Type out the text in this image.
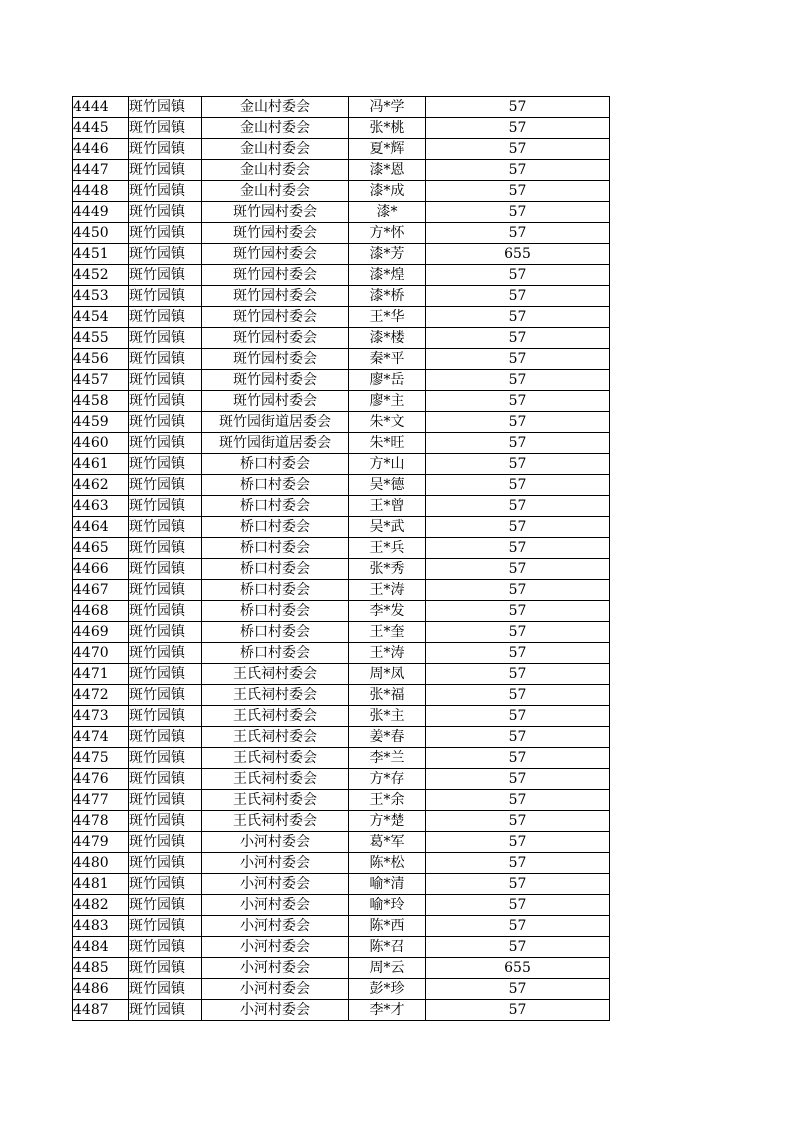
4444	斑竹园镇	金山村委会	冯*学	57
4445	斑竹园镇	金山村委会	张*桃	57
4446	斑竹园镇	金山村委会	夏*辉	57
4447	斑竹园镇	金山村委会	漆*恩	57
4448	斑竹园镇	金山村委会	漆*成	57
4449	斑竹园镇	斑竹园村委会	漆*	57
4450	斑竹园镇	斑竹园村委会	方*怀	57
4451	斑竹园镇	斑竹园村委会	漆*芳	655
4452	斑竹园镇	斑竹园村委会	漆*煌	57
4453	斑竹园镇	斑竹园村委会	漆*桥	57
4454	斑竹园镇	斑竹园村委会	王*华	57
4455	斑竹园镇	斑竹园村委会	漆*楼	57
4456	斑竹园镇	斑竹园村委会	秦*平	57
4457	斑竹园镇	斑竹园村委会	廖*岳	57
4458	斑竹园镇	斑竹园村委会	廖*主	57
4459	斑竹园镇	斑竹园街道居委会	朱*文	57
4460	斑竹园镇	斑竹园街道居委会	朱*旺	57
4461	斑竹园镇	桥口村委会	方*山	57
4462	斑竹园镇	桥口村委会	吴*德	57
4463	斑竹园镇	桥口村委会	王*曾	57
4464	斑竹园镇	桥口村委会	吴*武	57
4465	斑竹园镇	桥口村委会	王*兵	57
4466	斑竹园镇	桥口村委会	张*秀	57
4467	斑竹园镇	桥口村委会	王*涛	57
4468	斑竹园镇	桥口村委会	李*发	57
4469	斑竹园镇	桥口村委会	王*奎	57
4470	斑竹园镇	桥口村委会	王*涛	57
4471	斑竹园镇	王氏祠村委会	周*凤	57
4472	斑竹园镇	王氏祠村委会	张*福	57
4473	斑竹园镇	王氏祠村委会	张*主	57
4474	斑竹园镇	王氏祠村委会	姜*春	57
4475	斑竹园镇	王氏祠村委会	李*兰	57
4476	斑竹园镇	王氏祠村委会	方*存	57
4477	斑竹园镇	王氏祠村委会	王*余	57
4478	斑竹园镇	王氏祠村委会	方*楚	57
4479	斑竹园镇	小河村委会	葛*军	57
4480	斑竹园镇	小河村委会	陈*松	57
4481	斑竹园镇	小河村委会	喻*清	57
4482	斑竹园镇	小河村委会	喻*玲	57
4483	斑竹园镇	小河村委会	陈*西	57
4484	斑竹园镇	小河村委会	陈*召	57
4485	斑竹园镇	小河村委会	周*云	655
4486	斑竹园镇	小河村委会	彭*珍	57
4487	斑竹园镇	小河村委会	李*才	57
